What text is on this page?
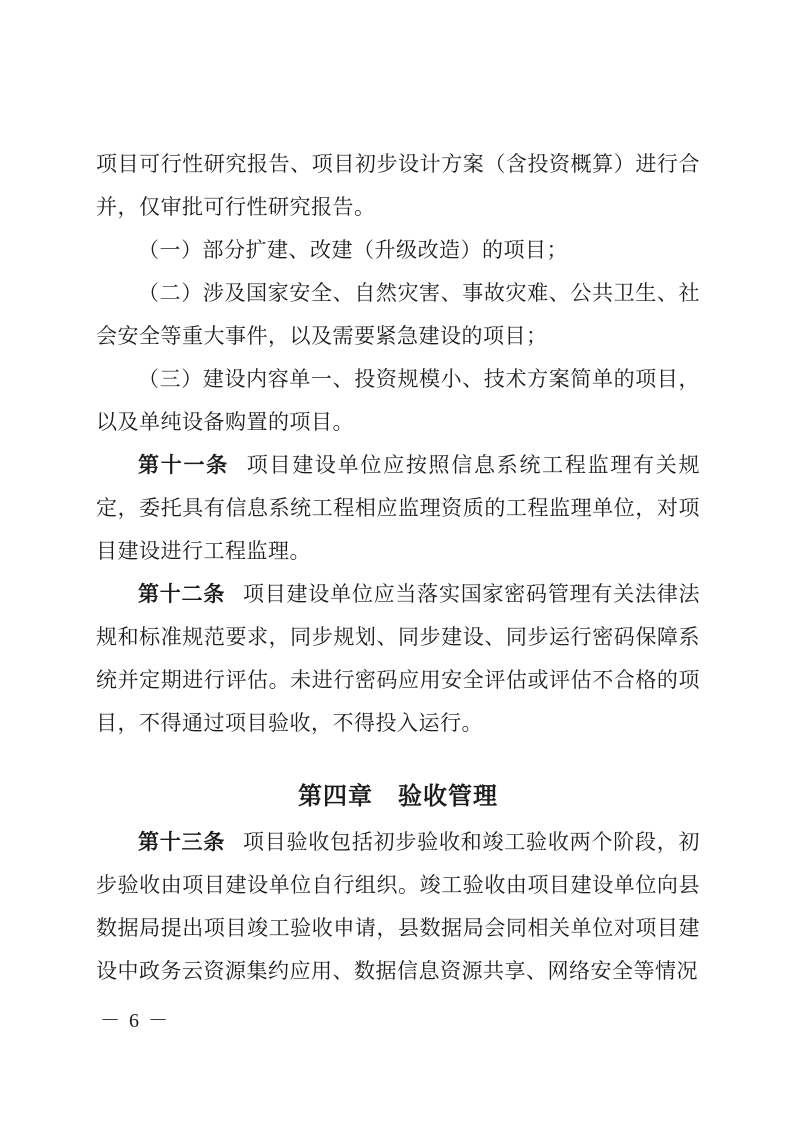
项目可行性研究报告、项目初步设计方案（含投资概算）进行合并，仅审批可行性研究报告。

（一）部分扩建、改建（升级改造）的项目；

（二）涉及国家安全、自然灾害、事故灾难、公共卫生、社会安全等重大事件，以及需要紧急建设的项目；

（三）建设内容单一、投资规模小、技术方案简单的项目，以及单纯设备购置的项目。

第十一条 项目建设单位应按照信息系统工程监理有关规定，委托具有信息系统工程相应监理资质的工程监理单位，对项目建设进行工程监理。

第十二条 项目建设单位应当落实国家密码管理有关法律法规和标准规范要求，同步规划、同步建设、同步运行密码保障系统并定期进行评估。未进行密码应用安全评估或评估不合格的项目，不得通过项目验收，不得投入运行。

第四章　验收管理

第十三条 项目验收包括初步验收和竣工验收两个阶段，初步验收由项目建设单位自行组织。竣工验收由项目建设单位向县数据局提出项目竣工验收申请，县数据局会同相关单位对项目建设中政务云资源集约应用、数据信息资源共享、网络安全等情况

－ 6 －
